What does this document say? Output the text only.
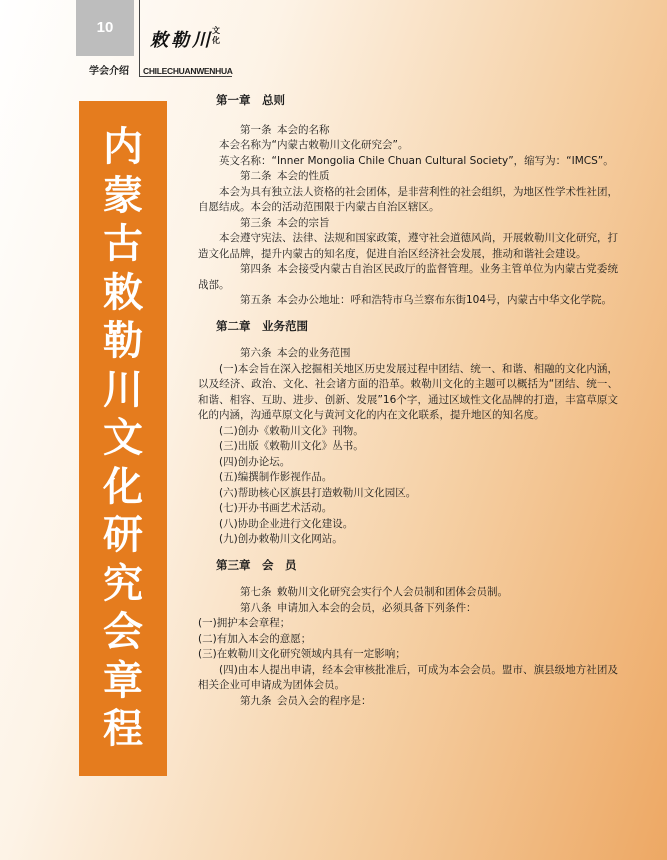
10
学会介绍
敕勒川 文化
CHILECHUANWENHUA
内
蒙
古
敕
勒
川
文
化
研
究
会
章
程
第一章　总则

第一条 本会的名称

本会名称为“内蒙古敕勒川文化研究会”。

英文名称：“Inner Mongolia Chile Chuan Cultural Society”，缩写为：“IMCS”。

第二条 本会的性质

本会为具有独立法人资格的社会团体，是非营利性的社会组织，为地区性学术性社团，自愿结成。本会的活动范围限于内蒙古自治区辖区。

第三条 本会的宗旨

本会遵守宪法、法律、法规和国家政策，遵守社会道德风尚，开展敕勒川文化研究，打造文化品牌，提升内蒙古的知名度，促进自治区经济社会发展，推动和谐社会建设。

第四条 本会接受内蒙古自治区民政厅的监督管理。业务主管单位为内蒙古党委统战部。

第五条 本会办公地址：呼和浩特市乌兰察布东街104号，内蒙古中华文化学院。

第二章　业务范围

第六条 本会的业务范围

(一)本会旨在深入挖掘相关地区历史发展过程中团结、统一、和谐、相融的文化内涵，以及经济、政治、文化、社会诸方面的沿革。敕勒川文化的主题可以概括为“团结、统一、和谐、相容、互助、进步、创新、发展”16个字，通过区域性文化品牌的打造，丰富草原文化的内涵，沟通草原文化与黄河文化的内在文化联系，提升地区的知名度。

(二)创办《敕勒川文化》刊物。

(三)出版《敕勒川文化》丛书。

(四)创办论坛。

(五)编撰制作影视作品。

(六)帮助核心区旗县打造敕勒川文化园区。

(七)开办书画艺术活动。

(八)协助企业进行文化建设。

(九)创办敕勒川文化网站。

第三章　会　员

第七条 敕勒川文化研究会实行个人会员制和团体会员制。

第八条 申请加入本会的会员，必须具备下列条件：

(一)拥护本会章程；

(二)有加入本会的意愿；

(三)在敕勒川文化研究领域内具有一定影响；

(四)由本人提出申请，经本会审核批准后，可成为本会会员。盟市、旗县级地方社团及相关企业可申请成为团体会员。

第九条 会员入会的程序是：
